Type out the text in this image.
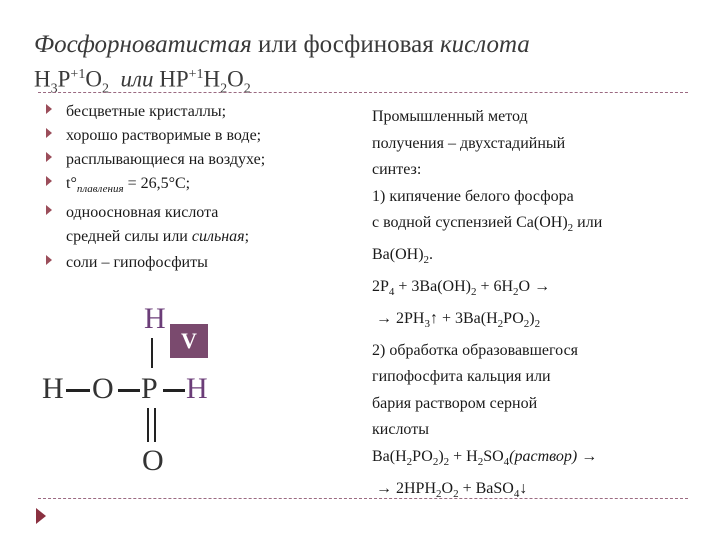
Фосфорноватистая или фосфиновая кислота
$H_3P^{+1}O_2$ или $HP^{+1}H_2O_2$
бесцветные кристаллы;
хорошо растворимые в воде;
расплывающиеся на воздухе;
$t^\circ_{плавления} = 26,5^\circ С$;
одноосновная кислота
средней силы или сильная;
соли – гипофосфиты
H
V
H O P H
O
Промышленный метод
получения – двухстадийный
синтез:
1) кипячение белого фосфора
с водной суспензией $Са(ОН)_2$ или
$Ва(ОН)_2$.
$2Р_4 + 3Ва(ОН)_2 + 6Н_2О$ →
→ $2РН_3↑ + 3Ва(Н_2РО_2)_2$
2) обработка образовавшегося
гипофосфита кальция или
бария раствором серной
кислоты
$Ва(Н_2РО_2)_2$ + $Н_2SO_4(раствор)$ →
→ $2НРН_2О_2$ + BaSO$_4$↓
